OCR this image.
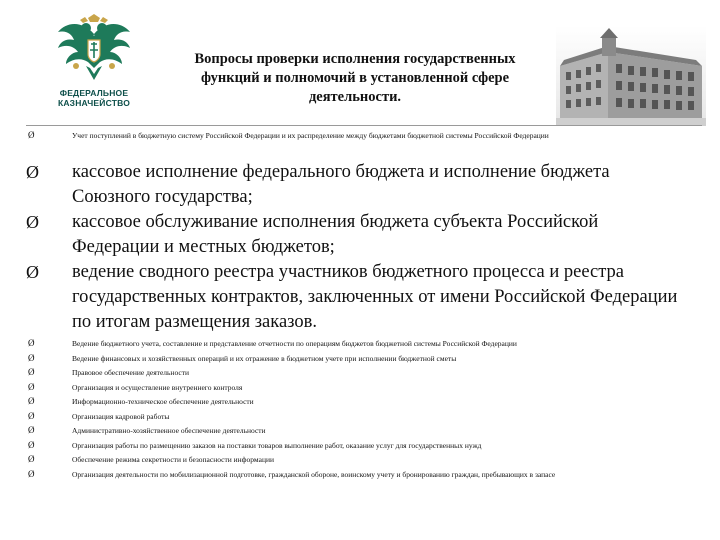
ФЕДЕРАЛЬНОЕ
КАЗНАЧЕЙСТВО
Вопросы проверки исполнения государственных
функций и полномочий в установленной сфере
деятельности.
Ø	Учет поступлений в бюджетную систему Российской Федерации и их распределение между бюджетами бюджетной системы Российской Федерации
Ø кассовое исполнение федерального бюджета и исполнение бюджета Союзного государства;
Ø кассовое обслуживание исполнения бюджета субъекта Российской Федерации и местных бюджетов;
Ø ведение сводного реестра участников бюджетного процесса и реестра государственных контрактов, заключенных от имени Российской Федерации по итогам размещения заказов.
Ø	Ведение бюджетного учета, составление и представление отчетности по операциям бюджетов бюджетной системы Российской Федерации
Ø	Ведение финансовых и хозяйственных операций и их отражение в бюджетном учете при исполнении бюджетной сметы
Ø	Правовое обеспечение деятельности
Ø	Организация и осуществление внутреннего контроля
Ø	Информационно-техническое обеспечение деятельности
Ø	Организация кадровой работы
Ø	Административно-хозяйственное обеспечение деятельности
Ø	Организация работы по размещению заказов на поставки товаров выполнение работ, оказание услуг для государственных нужд
Ø	Обеспечение режима секретности и безопасности информации
Ø	Организация деятельности по мобилизационной подготовке, гражданской обороне, воинскому учету и бронированию граждан, пребывающих в запасе
